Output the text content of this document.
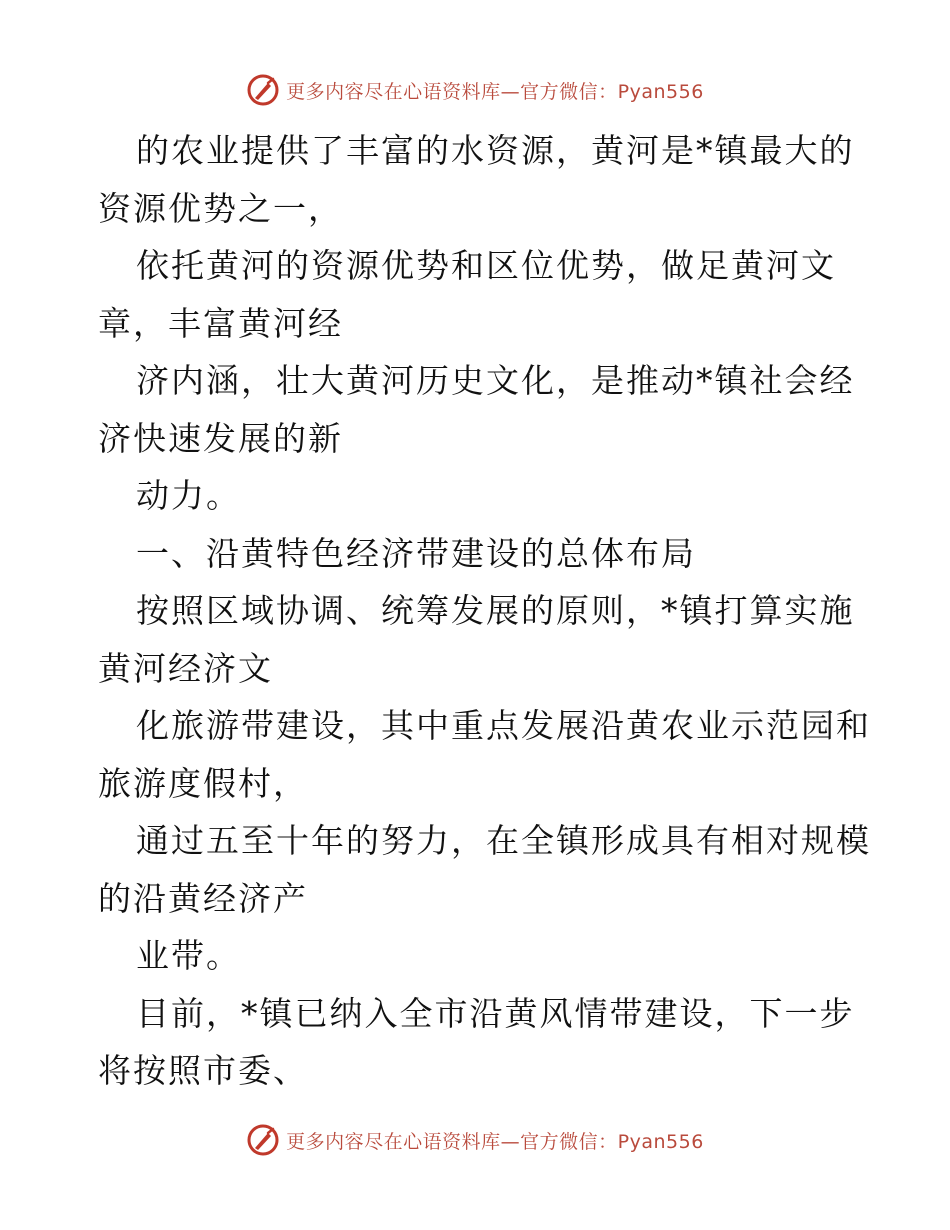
更多内容尽在心语资料库—官方微信：Pyan556
的农业提供了丰富的水资源，黄河是*镇最大的
资源优势之一，
依托黄河的资源优势和区位优势，做足黄河文
章，丰富黄河经
济内涵，壮大黄河历史文化，是推动*镇社会经
济快速发展的新
动力。
一、沿黄特色经济带建设的总体布局
按照区域协调、统筹发展的原则，*镇打算实施
黄河经济文
化旅游带建设，其中重点发展沿黄农业示范园和
旅游度假村，
通过五至十年的努力，在全镇形成具有相对规模
的沿黄经济产
业带。
目前，*镇已纳入全市沿黄风情带建设，下一步
将按照市委、
更多内容尽在心语资料库—官方微信：Pyan556
